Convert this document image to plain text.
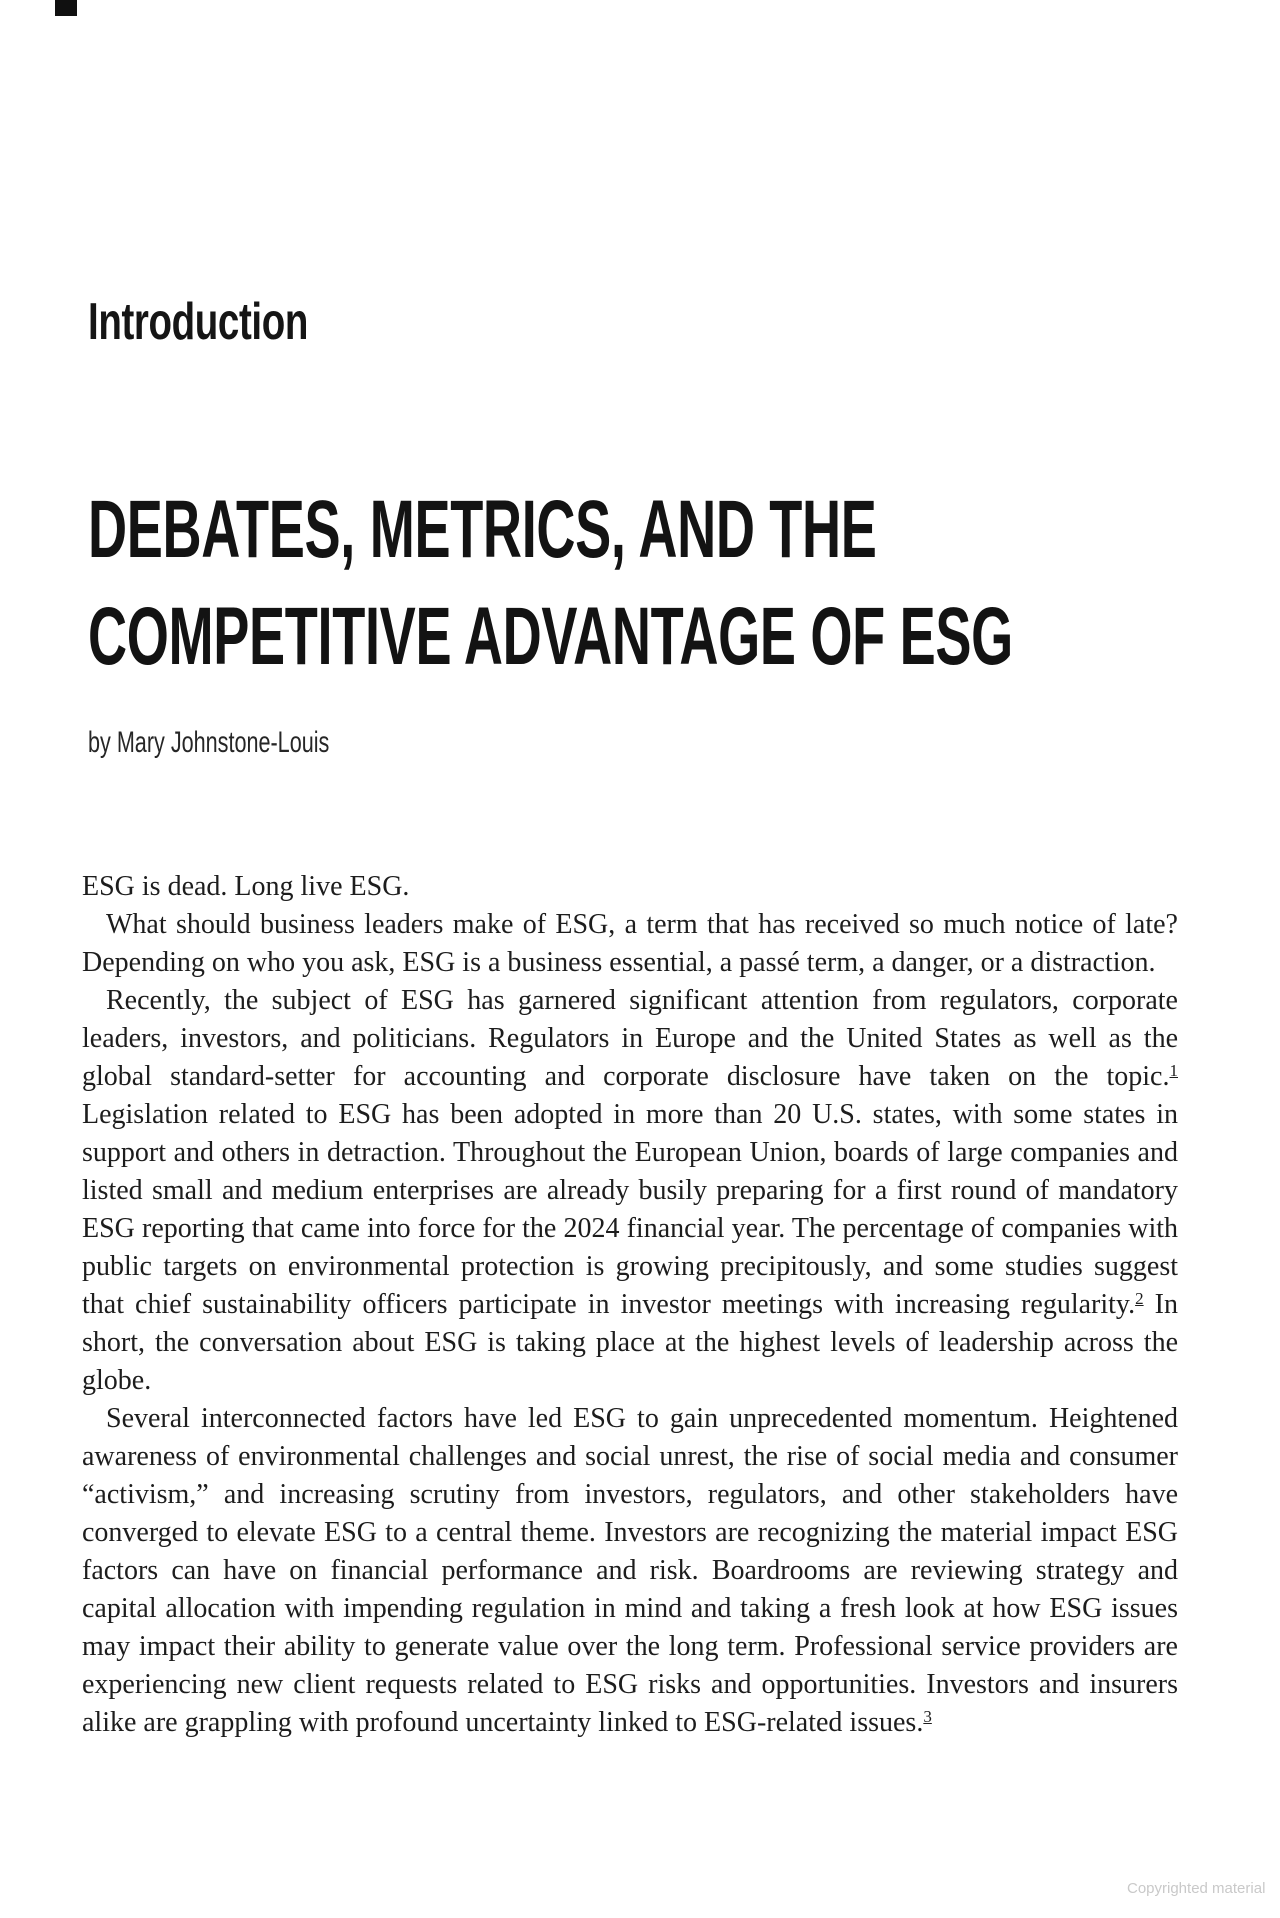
Introduction
DEBATES, METRICS, AND THE
COMPETITIVE ADVANTAGE OF ESG
by Mary Johnstone-Louis

ESG is dead. Long live ESG.

What should business leaders make of ESG, a term that has received so much notice of late? Depending on who you ask, ESG is a business essential, a passé term, a danger, or a distraction.

Recently, the subject of ESG has garnered significant attention from regulators, corporate leaders, investors, and politicians. Regulators in Europe and the United States as well as the global standard-setter for accounting and corporate disclosure have taken on the topic.$^1$ Legislation related to ESG has been adopted in more than 20 U.S. states, with some states in support and others in detraction. Throughout the European Union, boards of large companies and listed small and medium enterprises are already busily preparing for a first round of mandatory ESG reporting that came into force for the 2024 financial year. The percentage of companies with public targets on environmental protection is growing precipitously, and some studies suggest that chief sustainability officers participate in investor meetings with increasing regularity.$^2$ In short, the conversation about ESG is taking place at the highest levels of leadership across the globe.

Several interconnected factors have led ESG to gain unprecedented momentum. Heightened awareness of environmental challenges and social unrest, the rise of social media and consumer “activism,” and increasing scrutiny from investors, regulators, and other stakeholders have converged to elevate ESG to a central theme. Investors are recognizing the material impact ESG factors can have on financial performance and risk. Boardrooms are reviewing strategy and capital allocation with impending regulation in mind and taking a fresh look at how ESG issues may impact their ability to generate value over the long term. Professional service providers are experiencing new client requests related to ESG risks and opportunities. Investors and insurers alike are grappling with profound uncertainty linked to ESG-related issues.$^3$

Copyrighted material
